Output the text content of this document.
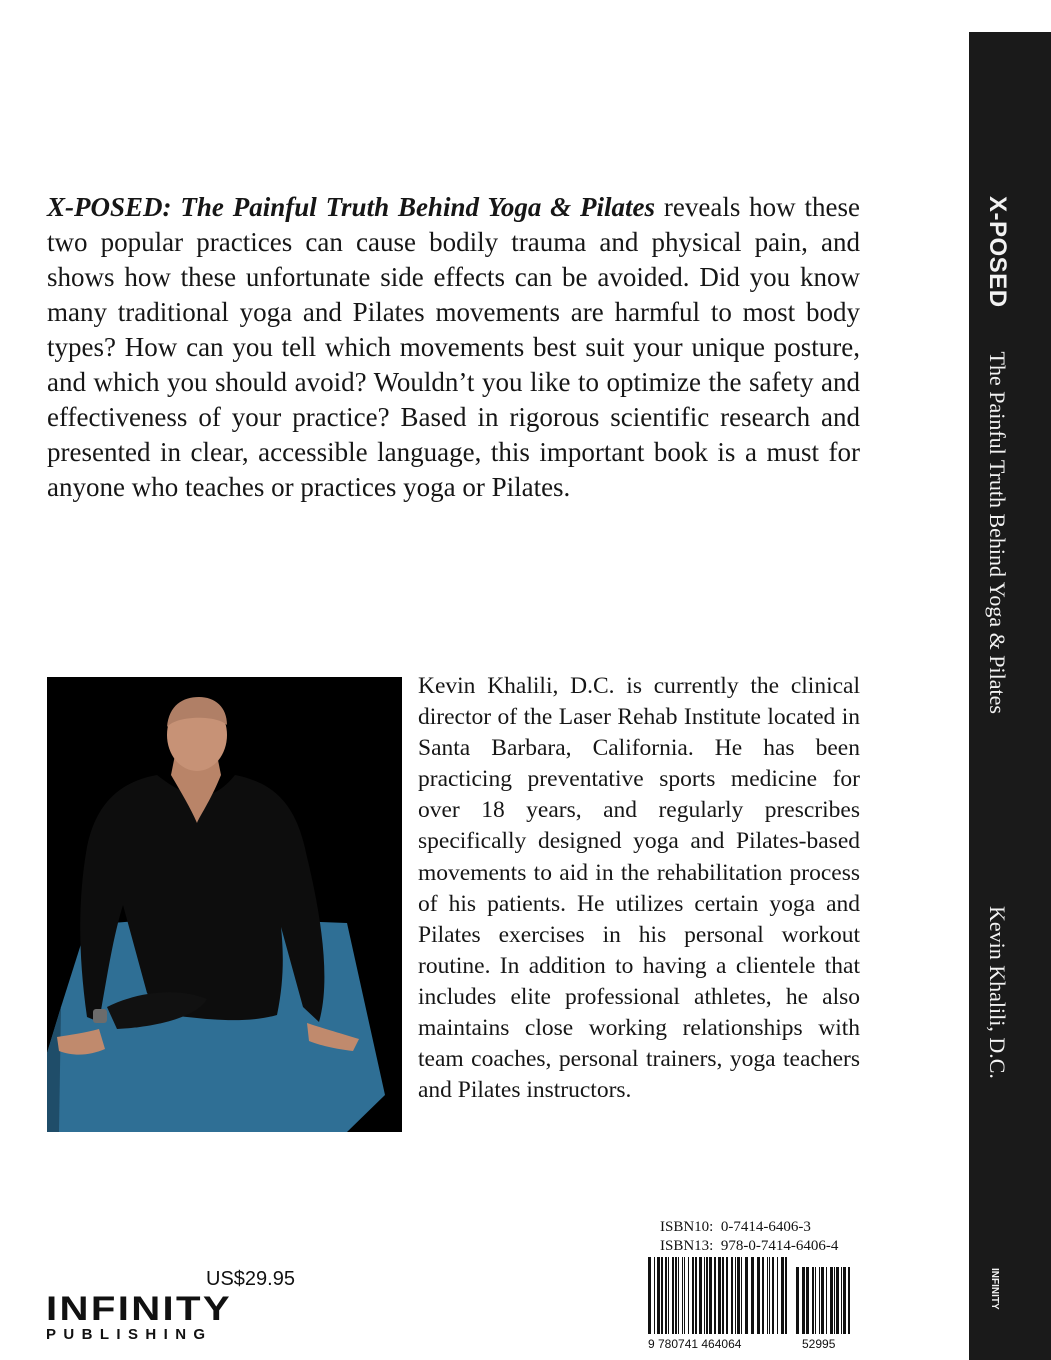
X-POSED: The Painful Truth Behind Yoga & Pilates reveals how these two popular practices can cause bodily trauma and physical pain, and shows how these unfortunate side effects can be avoided. Did you know many traditional yoga and Pilates movements are harmful to most body types? How can you tell which movements best suit your unique posture, and which you should avoid? Wouldn’t you like to optimize the safety and effectiveness of your practice? Based in rigorous scientific research and presented in clear, accessible language, this important book is a must for anyone who teaches or practices yoga or Pilates.
Kevin Khalili, D.C. is currently the clinical director of the Laser Rehab Institute located in Santa Barbara, California. He has been practicing preventative sports medicine for over 18 years, and regularly prescribes specifically designed yoga and Pilates-based movements to aid in the rehabilitation process of his patients. He utilizes certain yoga and Pilates exercises in his personal workout routine. In addition to having a clientele that includes elite professional athletes, he also maintains close working relationships with team coaches, personal trainers, yoga teachers and Pilates instructors.
ISBN10:  0-7414-6406-3
ISBN13:  978-0-7414-6406-4
9 780741 464064	52995
US$29.95
INFINITY
PUBLISHING
X-POSED
The Painful Truth Behind Yoga & Pilates
Kevin Khalili, D.C.
INFINITY
